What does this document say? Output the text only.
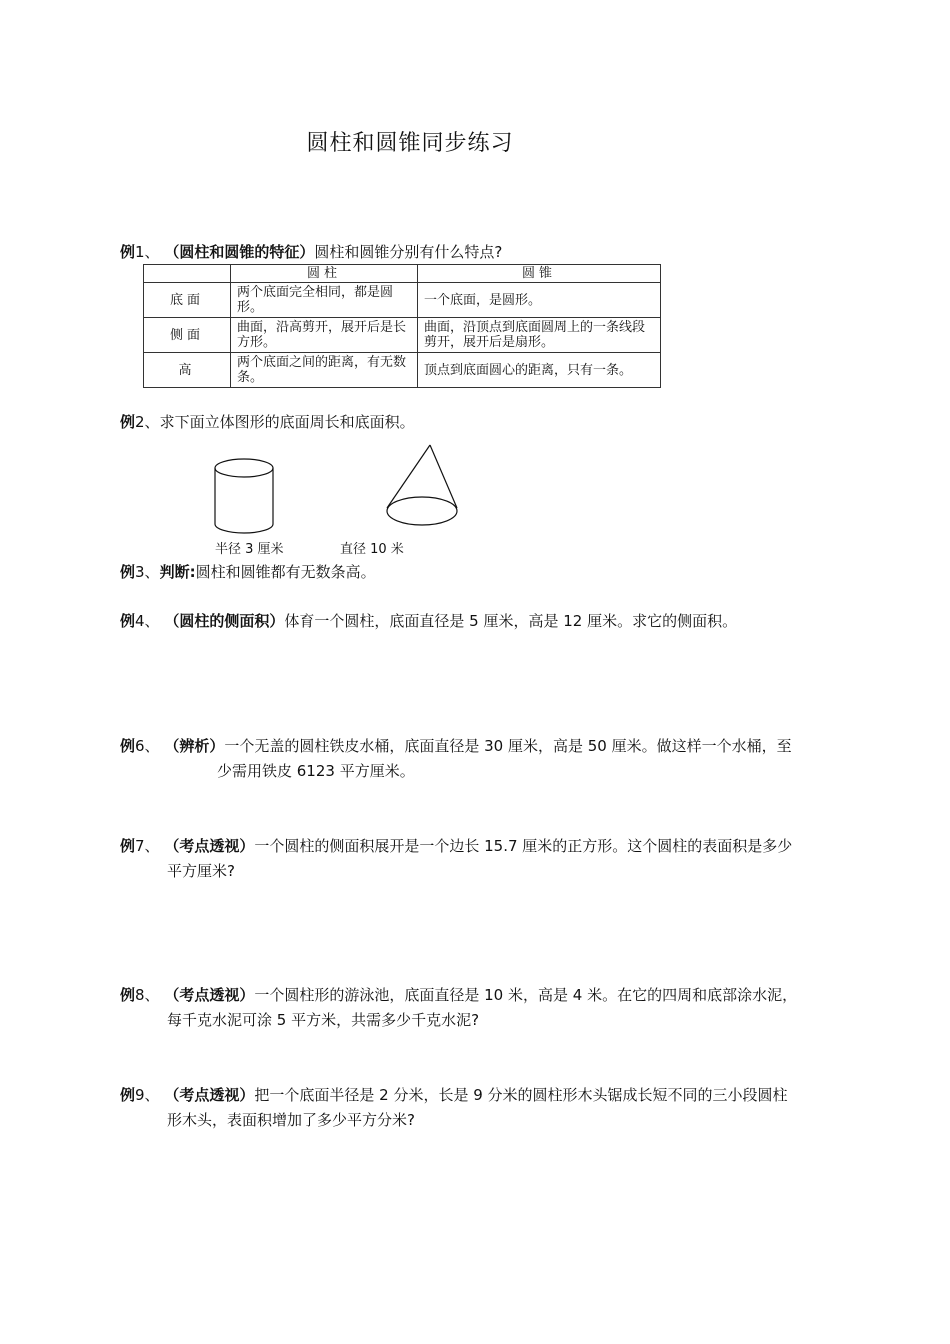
圆柱和圆锥同步练习
例1、 （圆柱和圆锥的特征）圆柱和圆锥分别有什么特点?
	圆柱	圆锥
底面	两个底面完全相同，都是圆形。	一个底面，是圆形。
侧面	曲面，沿高剪开，展开后是长方形。	曲面，沿顶点到底面圆周上的一条线段剪开，展开后是扇形。
高	两个底面之间的距离，有无数条。	顶点到底面圆心的距离，只有一条。
例2、求下面立体图形的底面周长和底面积。
半径 3 厘米	直径 10 米
例3、判断:圆柱和圆锥都有无数条高。
例4、 （圆柱的侧面积）体育一个圆柱，底面直径是 5 厘米，高是 12 厘米。求它的侧面积。
例6、 （辨析）一个无盖的圆柱铁皮水桶，底面直径是 30 厘米，高是 50 厘米。做这样一个水桶，至
少需用铁皮 6123 平方厘米。
例7、 （考点透视）一个圆柱的侧面积展开是一个边长 15.7 厘米的正方形。这个圆柱的表面积是多少
平方厘米?
例8、 （考点透视）一个圆柱形的游泳池，底面直径是 10 米，高是 4 米。在它的四周和底部涂水泥，
每千克水泥可涂 5 平方米，共需多少千克水泥?
例9、 （考点透视）把一个底面半径是 2 分米，长是 9 分米的圆柱形木头锯成长短不同的三小段圆柱
形木头，表面积增加了多少平方分米?
